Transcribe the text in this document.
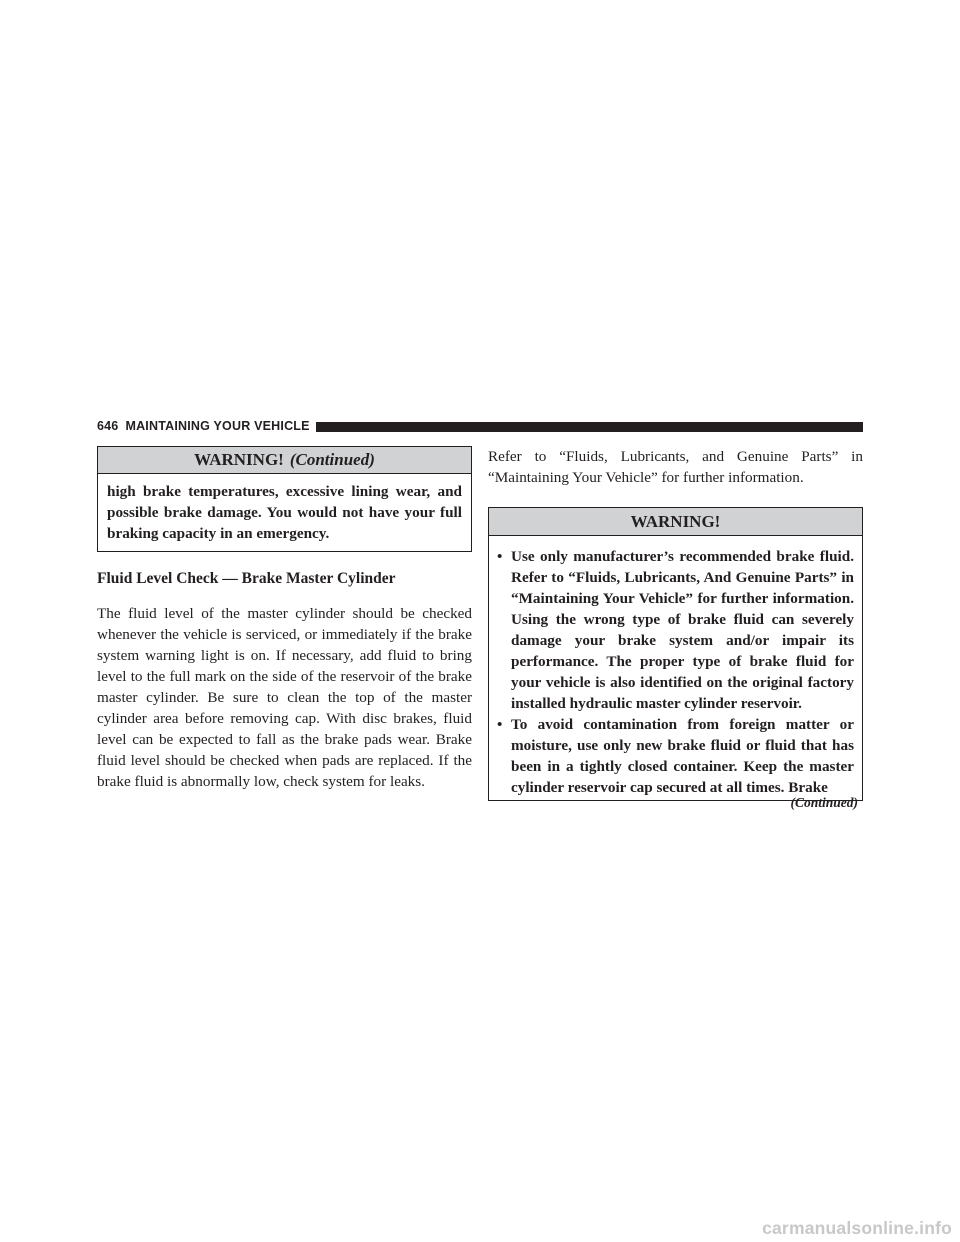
646 MAINTAINING YOUR VEHICLE
WARNING! (Continued)
high brake temperatures, excessive lining wear, and possible brake damage. You would not have your full braking capacity in an emergency.
Fluid Level Check — Brake Master Cylinder
The fluid level of the master cylinder should be checked whenever the vehicle is serviced, or immediately if the brake system warning light is on. If necessary, add fluid to bring level to the full mark on the side of the reservoir of the brake master cylinder. Be sure to clean the top of the master cylinder area before removing cap. With disc brakes, fluid level can be expected to fall as the brake pads wear. Brake fluid level should be checked when pads are replaced. If the brake fluid is abnormally low, check system for leaks.
Refer to “Fluids, Lubricants, and Genuine Parts” in “Maintaining Your Vehicle” for further information.
WARNING!
• Use only manufacturer’s recommended brake fluid. Refer to “Fluids, Lubricants, And Genuine Parts” in “Maintaining Your Vehicle” for further information. Using the wrong type of brake fluid can severely damage your brake system and/or impair its performance. The proper type of brake fluid for your vehicle is also identified on the original factory installed hydraulic master cylinder reservoir.
• To avoid contamination from foreign matter or moisture, use only new brake fluid or fluid that has been in a tightly closed container. Keep the master cylinder reservoir cap secured at all times. Brake
(Continued)
carmanualsonline.info
